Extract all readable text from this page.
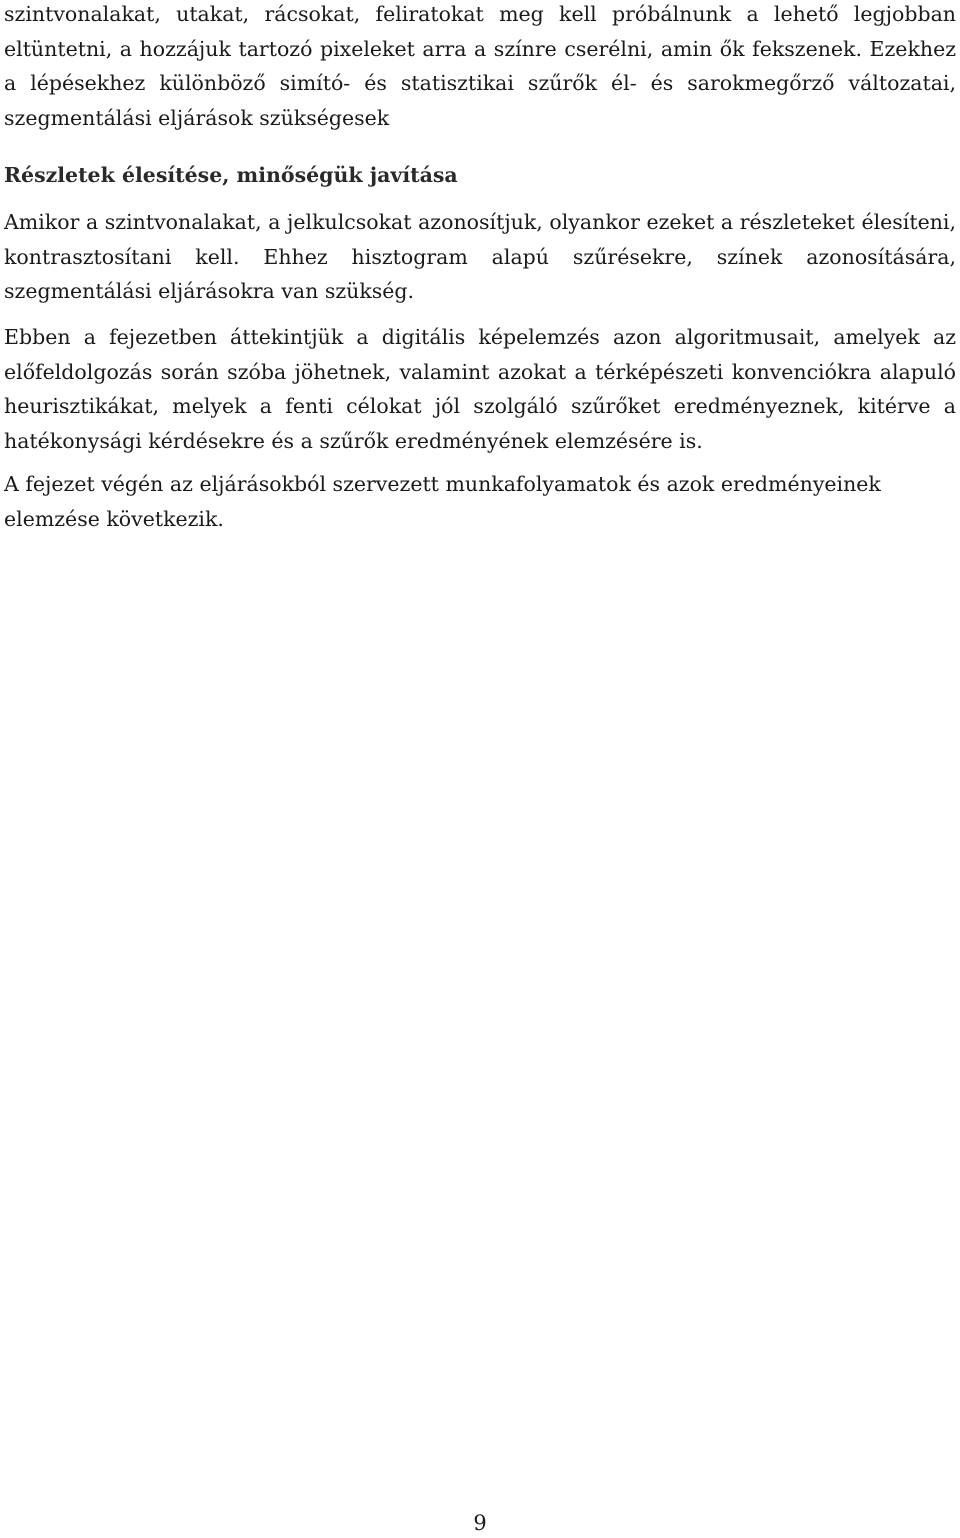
szintvonalakat, utakat, rácsokat, feliratokat meg kell próbálnunk a lehető legjobban eltüntetni, a hozzájuk tartozó pixeleket arra a színre cserélni, amin ők fekszenek. Ezekhez a lépésekhez különböző simító- és statisztikai szűrők él- és sarokmegőrző változatai, szegmentálási eljárások szükségesek

Részletek élesítése, minőségük javítása

Amikor a szintvonalakat, a jelkulcsokat azonosítjuk, olyankor ezeket a részleteket élesíteni, kontrasztosítani kell. Ehhez hisztogram alapú szűrésekre, színek azonosítására, szegmentálási eljárásokra van szükség.

Ebben a fejezetben áttekintjük a digitális képelemzés azon algoritmusait, amelyek az előfeldolgozás során szóba jöhetnek, valamint azokat a térképészeti konvenciókra alapuló heurisztikákat, melyek a fenti célokat jól szolgáló szűrőket eredményeznek, kitérve a hatékonysági kérdésekre és a szűrők eredményének elemzésére is.

A fejezet végén az eljárásokból szervezett munkafolyamatok és azok eredményeinek elemzése következik.

9
